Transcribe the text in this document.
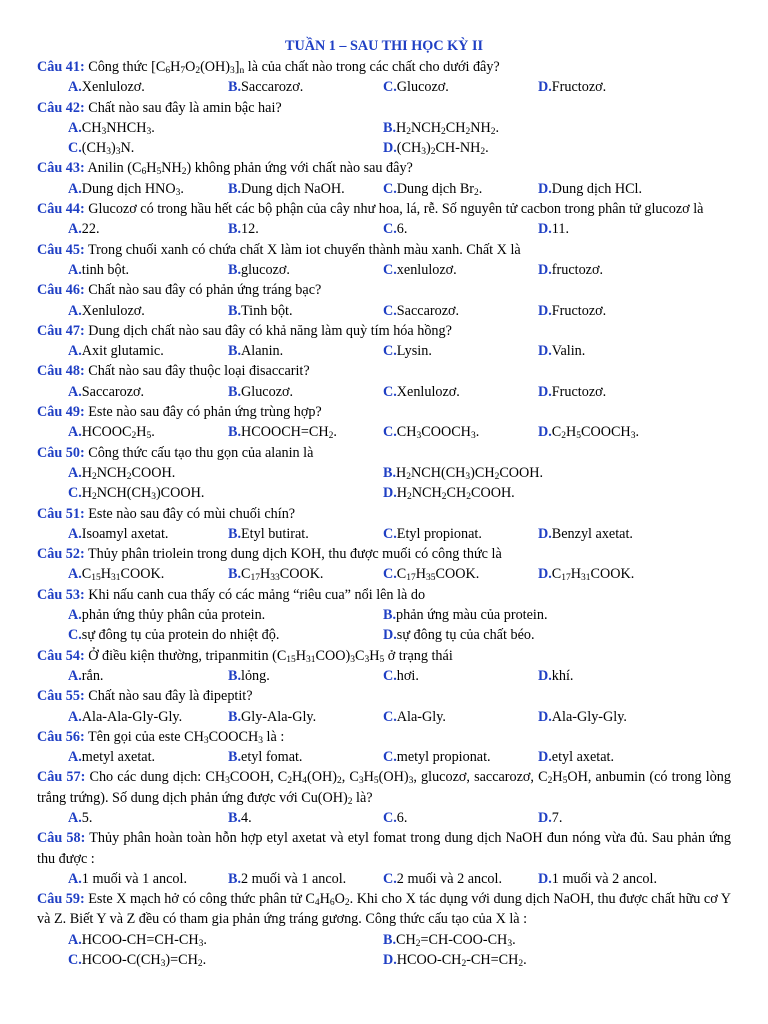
TUẦN 1 – SAU THI HỌC KỲ II
Câu 41: Công thức $[C_6H_7O_2(OH)_3]_n$ là của chất nào trong các chất cho dưới đây?
A.Xenlulozơ.	B.Saccarozơ.	C.Glucozơ.	D.Fructozơ.
Câu 42: Chất nào sau đây là amin bậc hai?
$A.CH_3NHCH_3$.	$B.H_2NCH_2CH_2NH_2$.
$C.(CH_3)_3N$.	$D.(CH_3)_2CH-NH_2$.
Câu 43: Anilin $(C_6H_5NH_2)$ không phản ứng với chất nào sau đây?
A.Dung dịch $HNO_3$.	B.Dung dịch NaOH.	C.Dung dịch $Br_2$.	D.Dung dịch HCl.
Câu 44: Glucozơ có trong hầu hết các bộ phận của cây như hoa, lá, rễ. Số nguyên tử cacbon trong phân tử glucozơ là
A.22.	B.12.	C.6.	D.11.
Câu 45: Trong chuối xanh có chứa chất X làm iot chuyển thành màu xanh. Chất X là
A.tinh bột.	B.glucozơ.	C.xenlulozơ.	D.fructozơ.
Câu 46: Chất nào sau đây có phản ứng tráng bạc?
A.Xenlulozơ.	B.Tinh bột.	C.Saccarozơ.	D.Fructozơ.
Câu 47: Dung dịch chất nào sau đây có khả năng làm quỳ tím hóa hồng?
A.Axit glutamic.	B.Alanin.	C.Lysin.	D.Valin.
Câu 48: Chất nào sau đây thuộc loại đisaccarit?
A.Saccarozơ.	B.Glucozơ.	C.Xenlulozơ.	D.Fructozơ.
Câu 49: Este nào sau đây có phản ứng trùng hợp?
$A.HCOOC_2H_5$.	$B.HCOOCH=CH_2$.	$C.CH_3COOCH_3$.	$D.C_2H_5COOCH_3$.
Câu 50: Công thức cấu tạo thu gọn của alanin là
$A.H_2NCH_2COOH$.	$B.H_2NCH(CH_3)CH_2COOH$.
$C.H_2NCH(CH_3)COOH$.	$D.H_2NCH_2CH_2COOH$.
Câu 51: Este nào sau đây có mùi chuối chín?
A.Isoamyl axetat.	B.Etyl butirat.	C.Etyl propionat.	D.Benzyl axetat.
Câu 52: Thủy phân triolein trong dung dịch KOH, thu được muối có công thức là
$A.C_{15}H_{31}COOK$.	$B.C_{17}H_{33}COOK$.	$C.C_{17}H_{35}COOK$.	$D.C_{17}H_{31}COOK$.
Câu 53: Khi nấu canh cua thấy có các mảng “riêu cua” nổi lên là do
A.phản ứng thủy phân của protein.	B.phản ứng màu của protein.
C.sự đông tụ của protein do nhiệt độ.	D.sự đông tụ của chất béo.
Câu 54: Ở điều kiện thường, tripanmitin $(C_{15}H_{31}COO)_3C_3H_5$ ở trạng thái
A.rắn.	B.lỏng.	C.hơi.	D.khí.
Câu 55: Chất nào sau đây là đipeptit?
A.Ala-Ala-Gly-Gly.	B.Gly-Ala-Gly.	C.Ala-Gly.	D.Ala-Gly-Gly.
Câu 56: Tên gọi của este $CH_3COOCH_3$ là :
A.metyl axetat.	B.etyl fomat.	C.metyl propionat.	D.etyl axetat.
Câu 57: Cho các dung dịch: $CH_3COOH$, $C_2H_4(OH)_2$, $C_3H_5(OH)_3$, glucozơ, saccarozơ, $C_2H_5OH$, anbumin (có trong lòng trắng trứng). Số dung dịch phản ứng được với $Cu(OH)_2$ là?
A.5.	B.4.	C.6.	D.7.
Câu 58: Thủy phân hoàn toàn hỗn hợp etyl axetat và etyl fomat trong dung dịch NaOH đun nóng vừa đủ. Sau phản ứng thu được :
A.1 muối và 1 ancol.	B.2 muối và 1 ancol.	C.2 muối và 2 ancol.	D.1 muối và 2 ancol.
Câu 59: Este X mạch hở có công thức phân tử $C_4H_6O_2$. Khi cho X tác dụng với dung dịch NaOH, thu được chất hữu cơ Y và Z. Biết Y và Z đều có tham gia phản ứng tráng gương. Công thức cấu tạo của X là :
$A.HCOO-CH=CH-CH_3$.	$B.CH_2=CH-COO-CH_3$.
$C.HCOO-C(CH_3)=CH_2$.	$D.HCOO-CH_2-CH=CH_2$.
